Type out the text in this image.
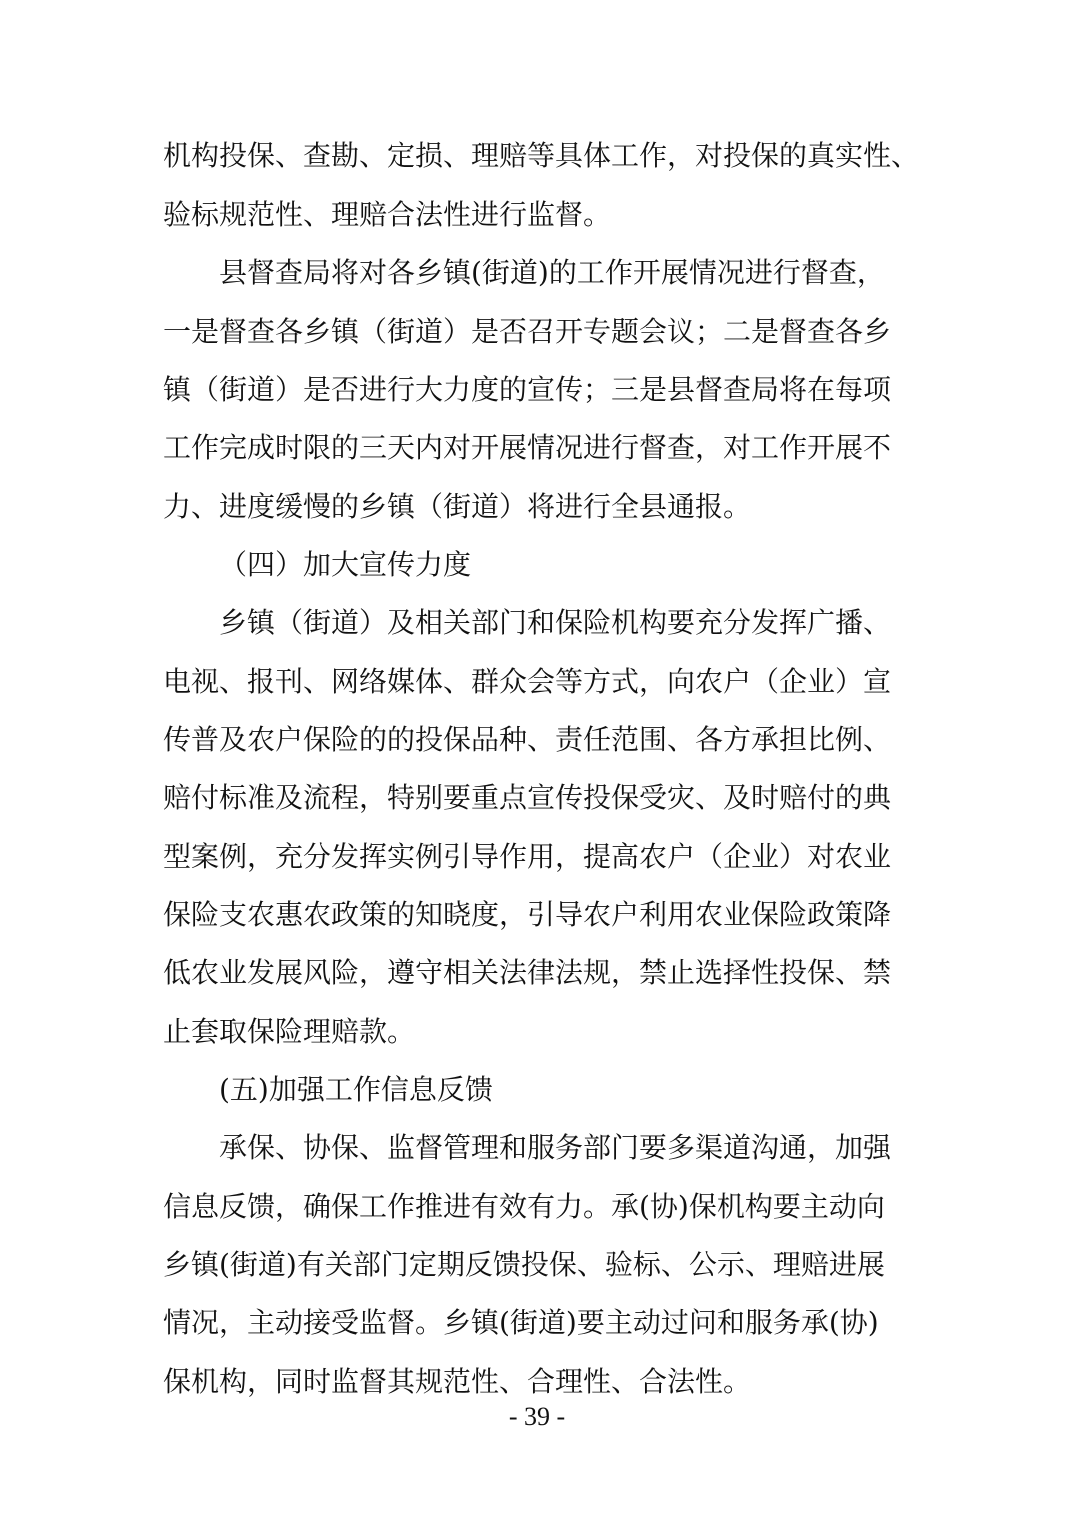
机构投保、查勘、定损、理赔等具体工作，对投保的真实性、
验标规范性、理赔合法性进行监督。
县督查局将对各乡镇(街道)的工作开展情况进行督查，
一是督查各乡镇（街道）是否召开专题会议；二是督查各乡
镇（街道）是否进行大力度的宣传；三是县督查局将在每项
工作完成时限的三天内对开展情况进行督查，对工作开展不
力、进度缓慢的乡镇（街道）将进行全县通报。
（四）加大宣传力度
乡镇（街道）及相关部门和保险机构要充分发挥广播、
电视、报刊、网络媒体、群众会等方式，向农户（企业）宣
传普及农户保险的的投保品种、责任范围、各方承担比例、
赔付标准及流程，特别要重点宣传投保受灾、及时赔付的典
型案例，充分发挥实例引导作用，提高农户（企业）对农业
保险支农惠农政策的知晓度，引导农户利用农业保险政策降
低农业发展风险，遵守相关法律法规，禁止选择性投保、禁
止套取保险理赔款。
(五)加强工作信息反馈
承保、协保、监督管理和服务部门要多渠道沟通，加强
信息反馈，确保工作推进有效有力。承(协)保机构要主动向
乡镇(街道)有关部门定期反馈投保、验标、公示、理赔进展
情况，主动接受监督。乡镇(街道)要主动过问和服务承(协)
保机构，同时监督其规范性、合理性、合法性。
- 39 -
